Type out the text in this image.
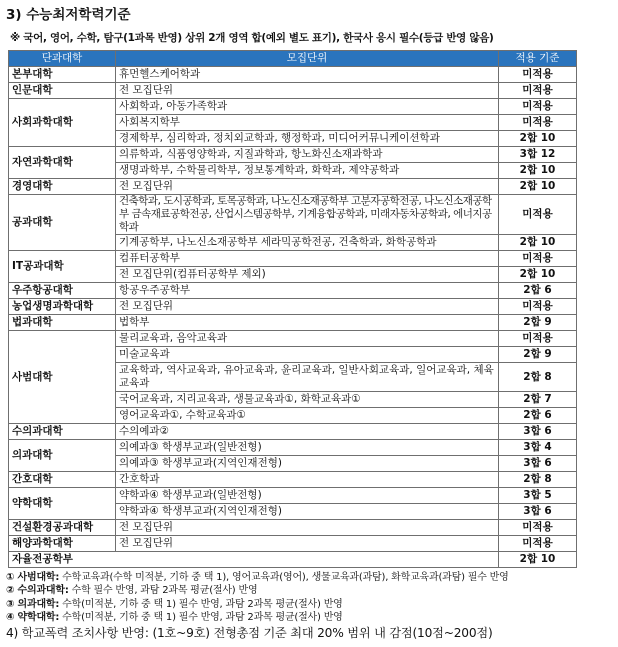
3) 수능최저학력기준
※ 국어, 영어, 수학, 탐구(1과목 반영) 상위 2개 영역 합(예외 별도 표기), 한국사 응시 필수(등급 반영 않음)
단과대학	모집단위	적용 기준
본부대학	휴먼헬스케어학과	미적용
인문대학	전 모집단위	미적용
사회과학대학	사회학과, 아동가족학과	미적용
	사회복지학부	미적용
	경제학부, 심리학과, 정치외교학과, 행정학과, 미디어커뮤니케이션학과	2합 10
자연과학대학	의류학과, 식품영양학과, 지질과학과, 항노화신소재과학과	3합 12
	생명과학부, 수학물리학부, 정보통계학과, 화학과, 제약공학과	2합 10
경영대학	전 모집단위	2합 10
공과대학	건축학과, 도시공학과, 토목공학과, 나노신소재공학부 고분자공학전공, 나노신소재공학부 금속재료공학전공, 산업시스템공학부, 기계융합공학과, 미래자동차공학과, 에너지공학과	미적용
	기계공학부, 나노신소재공학부 세라믹공학전공, 건축학과, 화학공학과	2합 10
IT공과대학	컴퓨터공학부	미적용
	전 모집단위(컴퓨터공학부 제외)	2합 10
우주항공대학	항공우주공학부	2합 6
농업생명과학대학	전 모집단위	미적용
법과대학	법학부	2합 9
사범대학	물리교육과, 음악교육과	미적용
	미술교육과	2합 9
	교육학과, 역사교육과, 유아교육과, 윤리교육과, 일반사회교육과, 일어교육과, 체육교육과	2합 8
	국어교육과, 지리교육과, 생물교육과①, 화학교육과①	2합 7
	영어교육과①, 수학교육과①	2합 6
수의과대학	수의예과②	3합 6
의과대학	의예과③ 학생부교과(일반전형)	3합 4
	의예과③ 학생부교과(지역인재전형)	3합 6
간호대학	간호학과	2합 8
약학대학	약학과④ 학생부교과(일반전형)	3합 5
	약학과④ 학생부교과(지역인재전형)	3합 6
건설환경공과대학	전 모집단위	미적용
해양과학대학	전 모집단위	미적용
자율전공학부		2합 10
① 사범대학: 수학교육과(수학 미적분, 기하 중 택 1), 영어교육과(영어), 생물교육과(과탐), 화학교육과(과탐) 필수 반영
② 수의과대학: 수학 필수 반영, 과탐 2과목 평균(절사) 반영
③ 의과대학: 수학(미적분, 기하 중 택 1) 필수 반영, 과탐 2과목 평균(절사) 반영
④ 약학대학: 수학(미적분, 기하 중 택 1) 필수 반영, 과탐 2과목 평균(절사) 반영
4) 학교폭력 조치사항 반영: (1호~9호) 전형총점 기준 최대 20% 범위 내 감점(10점~200점)
